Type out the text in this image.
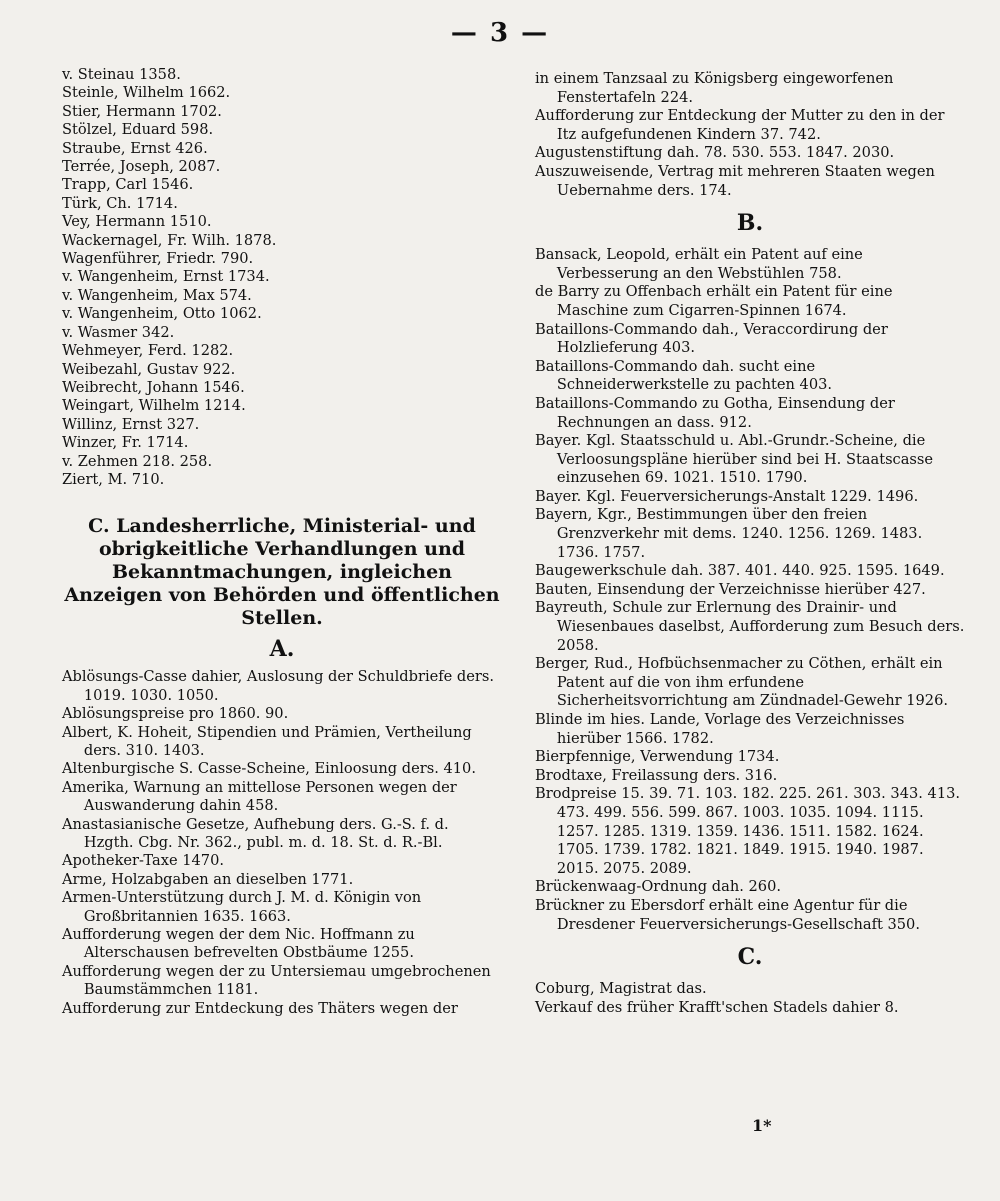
— 3 —

v. Steinau 1358.

Steinle, Wilhelm 1662.

Stier, Hermann 1702.

Stölzel, Eduard 598.

Straube, Ernst 426.

Terrée, Joseph, 2087.

Trapp, Carl 1546.

Türk, Ch. 1714.

Vey, Hermann 1510.

Wackernagel, Fr. Wilh. 1878.

Wagenführer, Friedr. 790.

v. Wangenheim, Ernst 1734.

v. Wangenheim, Max 574.

v. Wangenheim, Otto 1062.

v. Wasmer 342.

Wehmeyer, Ferd. 1282.

Weibezahl, Gustav 922.

Weibrecht, Johann 1546.

Weingart, Wilhelm 1214.

Willinz, Ernst 327.

Winzer, Fr. 1714.

v. Zehmen 218. 258.

Ziert, M. 710.

C. Landesherrliche, Ministerial- und obrigkeitliche Verhandlungen und Bekanntmachungen, ingleichen Anzeigen von Behörden und öffentlichen Stellen.
A.

Ablösungs-Casse dahier, Auslosung der Schuldbriefe ders. 1019. 1030. 1050.

Ablösungspreise pro 1860. 90.

Albert, K. Hoheit, Stipendien und Prämien, Vertheilung ders. 310. 1403.

Altenburgische S. Casse-Scheine, Einloosung ders. 410.

Amerika, Warnung an mittellose Personen wegen der Auswanderung dahin 458.

Anastasianische Gesetze, Aufhebung ders. G.-S. f. d. Hzgth. Cbg. Nr. 362., publ. m. d. 18. St. d. R.-Bl.

Apotheker-Taxe 1470.

Arme, Holzabgaben an dieselben 1771.

Armen-Unterstützung durch J. M. d. Königin von Großbritannien 1635. 1663.

Aufforderung wegen der dem Nic. Hoffmann zu Alterschausen befrevelten Obstbäume 1255.

Aufforderung wegen der zu Untersiemau umgebrochenen Baumstämmchen 1181.

Aufforderung zur Entdeckung des Thäters wegen der

in einem Tanzsaal zu Königsberg eingeworfenen Fenstertafeln 224.

Aufforderung zur Entdeckung der Mutter zu den in der Itz aufgefundenen Kindern 37. 742.

Augustenstiftung dah. 78. 530. 553. 1847. 2030.

Auszuweisende, Vertrag mit mehreren Staaten wegen Uebernahme ders. 174.

B.

Bansack, Leopold, erhält ein Patent auf eine Verbesserung an den Webstühlen 758.

de Barry zu Offenbach erhält ein Patent für eine Maschine zum Cigarren-Spinnen 1674.

Bataillons-Commando dah., Veraccordirung der Holzlieferung 403.

Bataillons-Commando dah. sucht eine Schneiderwerkstelle zu pachten 403.

Bataillons-Commando zu Gotha, Einsendung der Rechnungen an dass. 912.

Bayer. Kgl. Staatsschuld u. Abl.-Grundr.-Scheine, die Verloosungspläne hierüber sind bei H. Staatscasse einzusehen 69. 1021. 1510. 1790.

Bayer. Kgl. Feuerversicherungs-Anstalt 1229. 1496.

Bayern, Kgr., Bestimmungen über den freien Grenzverkehr mit dems. 1240. 1256. 1269. 1483. 1736. 1757.

Baugewerkschule dah. 387. 401. 440. 925. 1595. 1649.

Bauten, Einsendung der Verzeichnisse hierüber 427.

Bayreuth, Schule zur Erlernung des Drainir- und Wiesenbaues daselbst, Aufforderung zum Besuch ders. 2058.

Berger, Rud., Hofbüchsenmacher zu Cöthen, erhält ein Patent auf die von ihm erfundene Sicherheitsvorrichtung am Zündnadel-Gewehr 1926.

Blinde im hies. Lande, Vorlage des Verzeichnisses hierüber 1566. 1782.

Bierpfennige, Verwendung 1734.

Brodtaxe, Freilassung ders. 316.

Brodpreise 15. 39. 71. 103. 182. 225. 261. 303. 343. 413. 473. 499. 556. 599. 867. 1003. 1035. 1094. 1115. 1257. 1285. 1319. 1359. 1436. 1511. 1582. 1624. 1705. 1739. 1782. 1821. 1849. 1915. 1940. 1987. 2015. 2075. 2089.

Brückenwaag-Ordnung dah. 260.

Brückner zu Ebersdorf erhält eine Agentur für die Dresdener Feuerversicherungs-Gesellschaft 350.

C.

Coburg, Magistrat das.

Verkauf des früher Krafft'schen Stadels dahier 8.

1*
